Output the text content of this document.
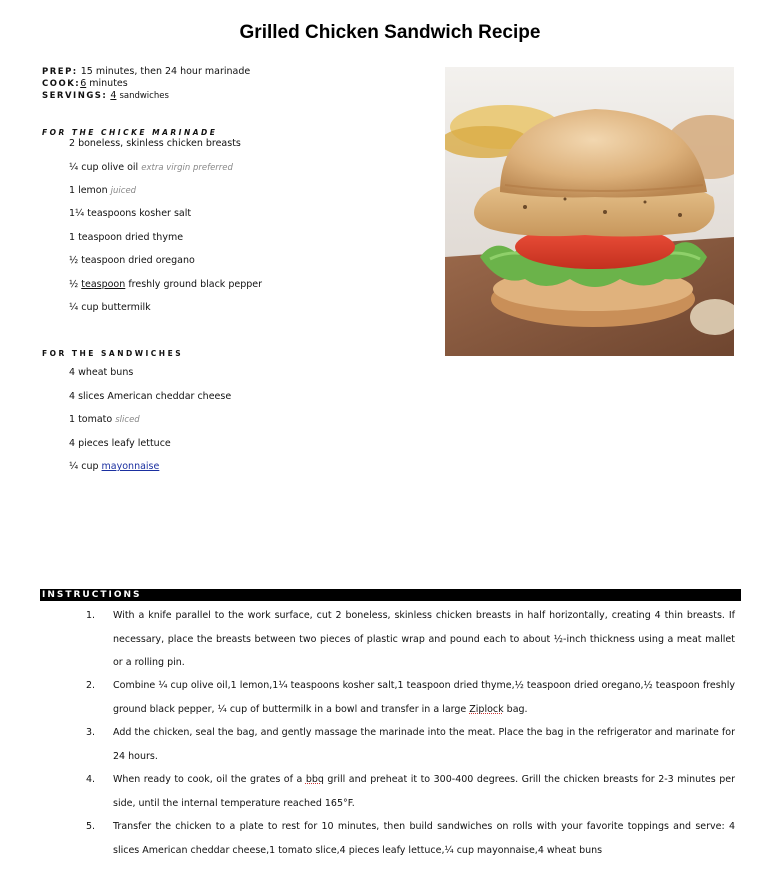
Grilled Chicken Sandwich Recipe
PREP: 15 minutes, then 24 hour marinade
COOK:6 minutes
SERVINGS: 4 sandwiches
FOR THE CHICKE MARINADE
2 boneless, skinless chicken breasts
¼ cup olive oil extra virgin preferred
1 lemon juiced
1¼ teaspoons kosher salt
1 teaspoon dried thyme
½ teaspoon dried oregano
½ teaspoon freshly ground black pepper
¼ cup buttermilk
FOR THE SANDWICHES
4 wheat buns
4 slices American cheddar cheese
1 tomato sliced
4 pieces leafy lettuce
¼ cup mayonnaise
INSTRUCTIONS
1. With a knife parallel to the work surface, cut 2 boneless, skinless chicken breasts in half horizontally, creating 4 thin breasts. If necessary, place the breasts between two pieces of plastic wrap and pound each to about ½-inch thickness using a meat mallet or a rolling pin.
2. Combine ¼ cup olive oil,1 lemon,1¼ teaspoons kosher salt,1 teaspoon dried thyme,½ teaspoon dried oregano,½ teaspoon freshly ground black pepper, ¼ cup of buttermilk in a bowl and transfer in a large Ziplock bag.
3. Add the chicken, seal the bag, and gently massage the marinade into the meat. Place the bag in the refrigerator and marinate for 24 hours.
4. When ready to cook, oil the grates of a bbq grill and preheat it to 300-400 degrees. Grill the chicken breasts for 2-3 minutes per side, until the internal temperature reached 165°F.
5. Transfer the chicken to a plate to rest for 10 minutes, then build sandwiches on rolls with your favorite toppings and serve: 4 slices American cheddar cheese,1 tomato slice,4 pieces leafy lettuce,¼ cup mayonnaise,4 wheat buns
